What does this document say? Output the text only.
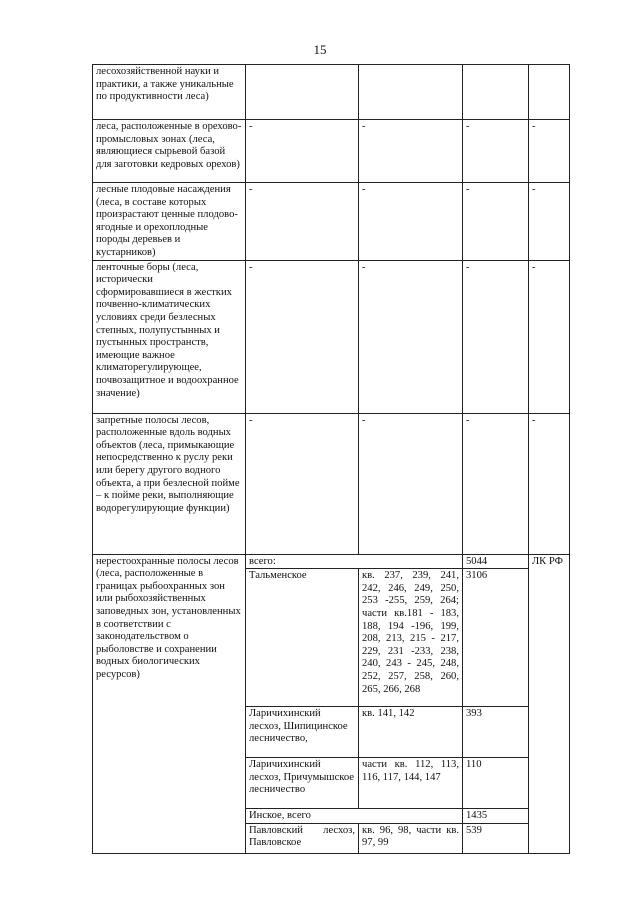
15
лесохозяйственной науки и практики, а также уникальные по продуктивности леса)				
леса, расположенные в орехово-промысловых зонах (леса, являющиеся сырьевой базой для заготовки кедровых орехов)	-	-	-	-
лесные плодовые насаждения (леса, в составе которых произрастают ценные плодово-ягодные и орехоплодные породы деревьев и кустарников)	-	-	-	-
ленточные боры (леса, исторически сформировавшиеся в жестких почвенно-климатических условиях среди безлесных степных, полупустынных и пустынных пространств, имеющие важное климаторегулирующее, почвозащитное и водоохранное значение)	-	-	-	-
запретные полосы лесов, расположенные вдоль водных объектов (леса, примыкающие непосредственно к руслу реки или берегу другого водного объекта, а при безлесной пойме – к пойме реки, выполняющие водорегулирующие функции)	-	-	-	-
нерестоохранные полосы лесов (леса, расположенные в границах рыбоохранных зон или рыбохозяйственных заповедных зон, установленных в соответствии с законодательством о рыболовстве и сохранении водных биологических ресурсов)	всего:		5044	ЛК РФ
	Тальменское	кв. 237, 239, 241, 242, 246, 249, 250, 253 -255, 259, 264; части кв.181 - 183, 188, 194 -196, 199, 208, 213, 215 - 217, 229, 231 -233, 238, 240, 243 - 245, 248, 252, 257, 258, 260, 265, 266, 268	3106	
	Ларичихинский лесхоз, Шипицинское лесничество,	кв. 141, 142	393	
	Ларичихинский лесхоз, Причумышское лесничество	части кв. 112, 113, 116, 117, 144, 147	110	
	Инское, всего		1435	
	Павловский лесхоз, Павловское	кв. 96, 98, части кв. 97, 99	539	
